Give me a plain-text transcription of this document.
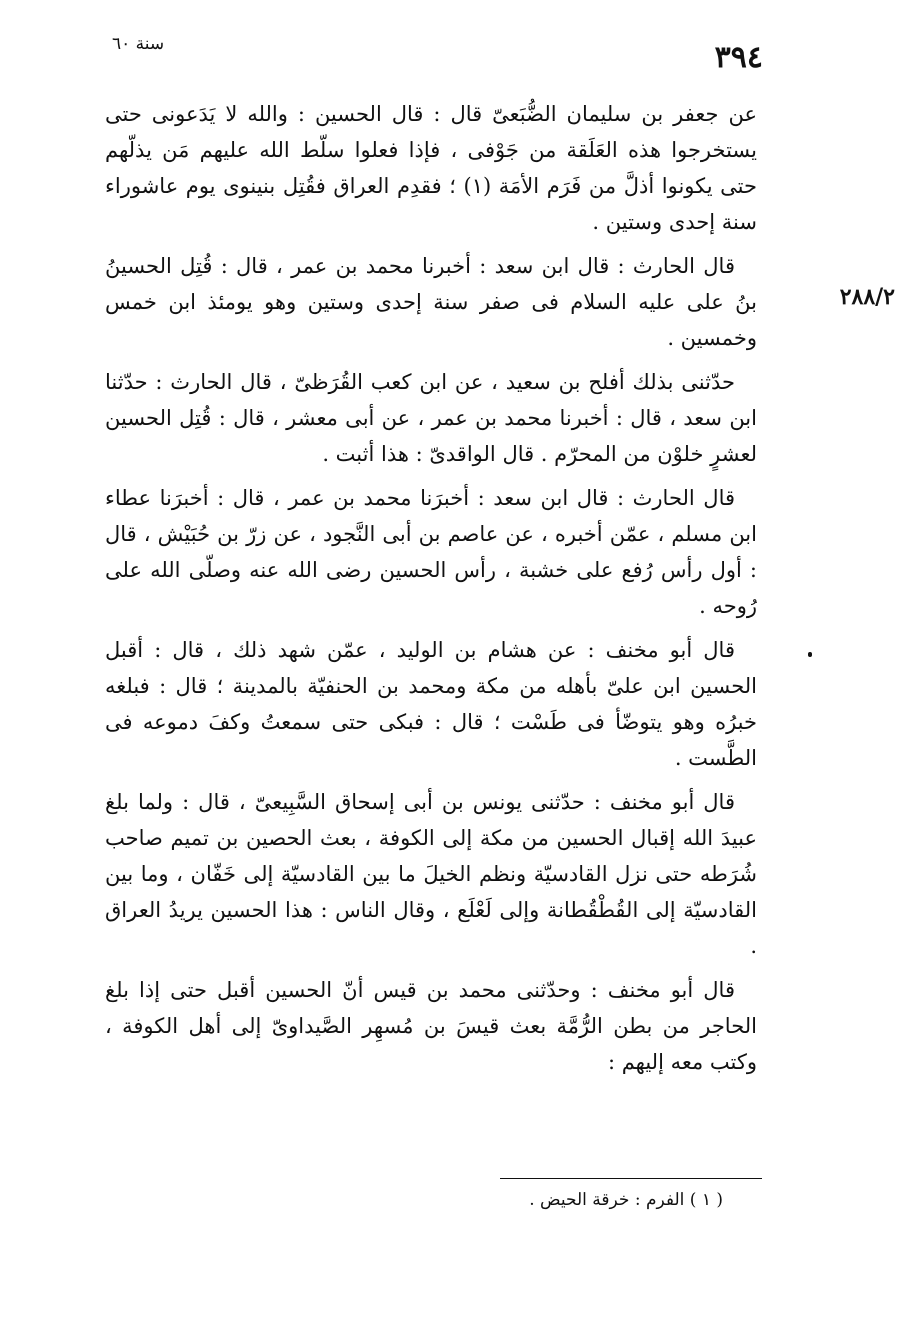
٣٩٤
سنة ٦٠
٢٨٨/٢

عن جعفر بن سليمان الضُّبَعىّ قال : قال الحسين : والله لا يَدَعونى حتى يستخرجوا هذه العَلَقة من جَوْفى ، فإذا فعلوا سلّط الله عليهم مَن يذلّهم حتى يكونوا أذلَّ من فَرَم الأمَة (١) ؛ فقدِم العراق فقُتِل بنينوى يوم عاشوراء سنة إحدى وستين .

قال الحارث : قال ابن سعد : أخبرنا محمد بن عمر ، قال : قُتِل الحسينُ بنُ على عليه السلام فى صفر سنة إحدى وستين وهو يومئذ ابن خمس وخمسين .

حدّثنى بذلك أفلح بن سعيد ، عن ابن كعب القُرَظىّ ، قال الحارث : حدّثنا ابن سعد ، قال : أخبرنا محمد بن عمر ، عن أبى معشر ، قال : قُتِل الحسين لعشرٍ خلوْن من المحرّم . قال الواقدىّ : هذا أثبت .

قال الحارث : قال ابن سعد : أخبرَنا محمد بن عمر ، قال : أخبرَنا عطاء ابن مسلم ، عمّن أخبره ، عن عاصم بن أبى النَّجود ، عن زرّ بن حُبَيْش ، قال : أول رأس رُفع على خشبة ، رأس الحسين رضى الله عنه وصلّى الله على رُوحه .

قال أبو مخنف : عن هشام بن الوليد ، عمّن شهد ذلك ، قال : أقبل الحسين ابن علىّ بأهله من مكة ومحمد بن الحنفيّة بالمدينة ؛ قال : فبلغه خبرُه وهو يتوضّأ فى طَسْت ؛ قال : فبكى حتى سمعتُ وكفَ دموعه فى الطَّست .

قال أبو مخنف : حدّثنى يونس بن أبى إسحاق السَّبِيعىّ ، قال : ولما بلغ عبيدَ الله إقبال الحسين من مكة إلى الكوفة ، بعث الحصين بن تميم صاحب شُرَطه حتى نزل القادسيّة ونظم الخيلَ ما بين القادسيّة إلى خَفّان ، وما بين القادسيّة إلى القُطْقُطانة وإلى لَعْلَع ، وقال الناس : هذا الحسين يريدُ العراق .

قال أبو مخنف : وحدّثنى محمد بن قيس أنّ الحسين أقبل حتى إذا بلغ الحاجر من بطن الرُّمَّة بعث قيسَ بن مُسهِر الصَّيداوىّ إلى أهل الكوفة ، وكتب معه إليهم :

( ١ ) الفرم : خرقة الحيض .
